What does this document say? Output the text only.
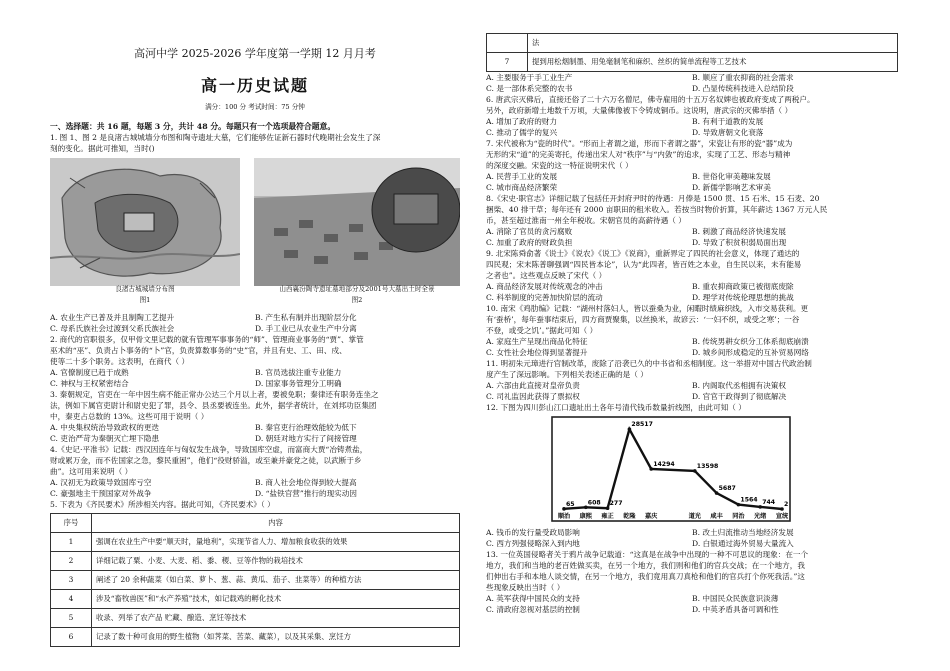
高河中学 2025-2026 学年度第一学期 12 月月考
高一历史试题
满分：100 分 考试时间：75 分钟
一、选择题：共 16 题，每题 3 分，共计 48 分。每题只有一个选项最符合题意。
1. 图 1、图 2 是良渚古城城墙分布图和陶寺遗址大墓，它们能够佐证新石器时代晚期社会发生了深
刻的变化。据此可推知，当时()
良渚古城城墙分布图
图1
山西襄汾陶寺遗址墓地部分及2001号大墓出土时全景
图2
A. 农业生产已普及并且制陶工艺提升	B. 产生私有制并出现阶层分化
C. 母系氏族社会过渡到父系氏族社会	D. 手工业已从农业生产中分离
2. 商代的官职很多，仅甲骨文里记载的就有管理军事事务的“师”、管理商业事务的“贾”、掌管
巫术的“巫”、负责占卜事务的“卜”官，负责算数事务的“史”官，并且有史、工、田、戍、
使等二十多个职务。这表明，在商代（ ）
A. 官僚制度已趋于成熟	B. 官员选拔注重专业能力
C. 神权与王权紧密结合	D. 国家事务管理分工明确
3. 秦朝规定，官吏在一年中因生病不能正常办公达三个月以上者，要被免职；秦律还有职务连坐之
法，例如下属官吏尉计和尉史犯了罪，县令、县丞要被连坐。此外，据学者统计，在刘邦功臣集团
中，秦吏占总数的 13%。这些可用于说明（ ）
A. 中央集权统治导致政权的更迭	B. 秦官吏行治理效能较为低下
C. 吏治严苛为秦朝灭亡埋下隐患	D. 朝廷对地方实行了间接管理
4.《史记·平准书》记载：西汉因连年与匈奴发生战争，导致国库空虚，而富商大贾“冶铸煮盐，
财或累万金，而不佐国家之急，黎民重困”，他们“役财骄溢，或至兼并豪党之徒，以武断于乡
曲”。这可用来说明（ ）
A. 汉初无为政策导致国库亏空	B. 商人社会地位得到较大提高
C. 豪强地主干预国家对外战争	D. “盐铁官营”推行的现实动因
5. 下表为《齐民要术》所涉相关内容。据此可知，《齐民要术》（ ）
序号	内容
1	强调在农业生产中要“顺天时，量地利”，实现节省人力、增加粮食收获的效果
2	详细记载了粟、小麦、大麦、稻、黍、稷、豆等作物的栽培技术
3	阐述了 20 余种蔬菜（如白菜、萝卜、葱、蒜、黄瓜、茄子、韭菜等）的种植方法
4	涉及“畜牧兽医”和“水产养殖”技术，如记载鸡的孵化技术
5	收录、列举了农产品 贮藏、酿造、烹饪等技术
6	记录了数十种可食用的野生植物（如荠菜、苦菜、藏菜），以及其采集、烹饪方
	法
7	提到用松烟制墨、用兔毫制笔和麻织、丝织的简单流程等工艺技术
A. 主要服务于手工业生产	B. 顺应了重农抑商的社会需求
C. 是一部体系完整的农书	D. 凸显传统科技进入总结阶段
6. 唐武宗灭佛后，直接还俗了二十六万名僧尼，佛寺雇用的十五万名奴婢也被政府变成了两税户。
另外，政府新增土地数千万顷，大量佛像被下令铸成铜币。这说明，唐武宗的灭佛举措（ ）
A. 增加了政府的财力	B. 有利于道教的发展
C. 推动了儒学的复兴	D. 导致唐朝文化衰落
7. 宋代被称为“瓷的时代”。“形而上者谓之道，形而下者谓之器”，宋瓷让有形的瓷“器”成为
无形的宋“道”的完美寄托，传递出宋人对“秩序”与“内敛”的追求，实现了工艺、形态与精神
的深度交融。宋瓷的这一特征说明宋代（ ）
A. 民营手工业的发展	B. 世俗化审美趣味发展
C. 城市商品经济繁荣	D. 新儒学影响艺术审美
8.《宋史·职官志》详细记载了包括任开封府尹时的待遇：月俸是 1500 贯、15 石米、15 石麦、20
捆柴、40 排干草；每年还有 2000 亩职田的租米收入。若按当时物价折算，其年薪达 1367 万元人民
币，甚至超过淮南一州全年税收。宋朝官员的高薪待遇（ ）
A. 消除了官员的贪污腐败	B. 刺激了商品经济快速发展
C. 加重了政府的财政负担	D. 导致了积贫积弱局面出现
9. 北宋陈舜俞著《说士》《说农》《说工》《说商》，重新界定了四民的社会意义，体现了通达的
四民观；宋末陈普聊强调“四民皆本论”，认为“此四者，皆百姓之本业，自生民以来，未有能易
之者也”。这些观点反映了宋代（ ）
A. 商品经济发展对传统观念的冲击	B. 重农抑商政策已被彻底废除
C. 科举制度的完善加快阶层的流动	D. 理学对传统伦理思想的挑战
10. 南宋《鸡肋编》记载：“湖州村落妇人，皆以蚕桑为业，闲暇时绩麻织线，入市交易获利。更
有‘蚕桥’，每年蚕事结束后，四方商贾聚集，以丝换米，故谚云：‘一妇不织，或受之寒’；一谷
不登，或受之饥’。”据此可知（ ）
A. 家庭生产呈现出商品化特征	B. 传统男耕女织分工体系彻底崩溃
C. 女性社会地位得到显著提升	D. 城乡间形成稳定的互补贸易网络
11. 明初朱元璋进行官制改革，废除了沿袭已久的中书省和丞相制度。这一举措对中国古代政治制
度产生了深远影响。下列相关表述正确的是（ ）
A. 六部由此直接对皇帝负责	B. 内阁取代丞相拥有决策权
C. 司礼监因此获得了票拟权	D. 官官干政得到了彻底解决
12. 下图为四川彭山江口遗址出土各年号清代钱币数量折线图，由此可知（ ）
65 608 277
28517
14294	13598
5687
1564 744 2
顺治 康熙 雍正 乾隆 嘉庆	道光 咸丰 同治 光绪 宣统
A. 钱币的发行量受政局影响	B. 改土归流推动当地经济发展
C. 西方列强侵略深入到内地	D. 白银通过海外贸易大量流入
13. 一位英国侵略者关于鸦片战争记载道：“这真是在战争中出现的一种不可思议的现象：在一个
地方，我们和当地的老百姓做买卖，在另一个地方，我们则和他们的官兵交战；在一个地方，我
们伸出右手和本地人谈交情，在另一个地方，我们竟用真刀真枪和他们的官兵打个你死我活。”这
些现象反映出当时（ ）
A. 英军获得中国民众的支持	B. 中国民众民族意识淡薄
C. 清政府忽视对基层的控制	D. 中英矛盾具备可调和性
